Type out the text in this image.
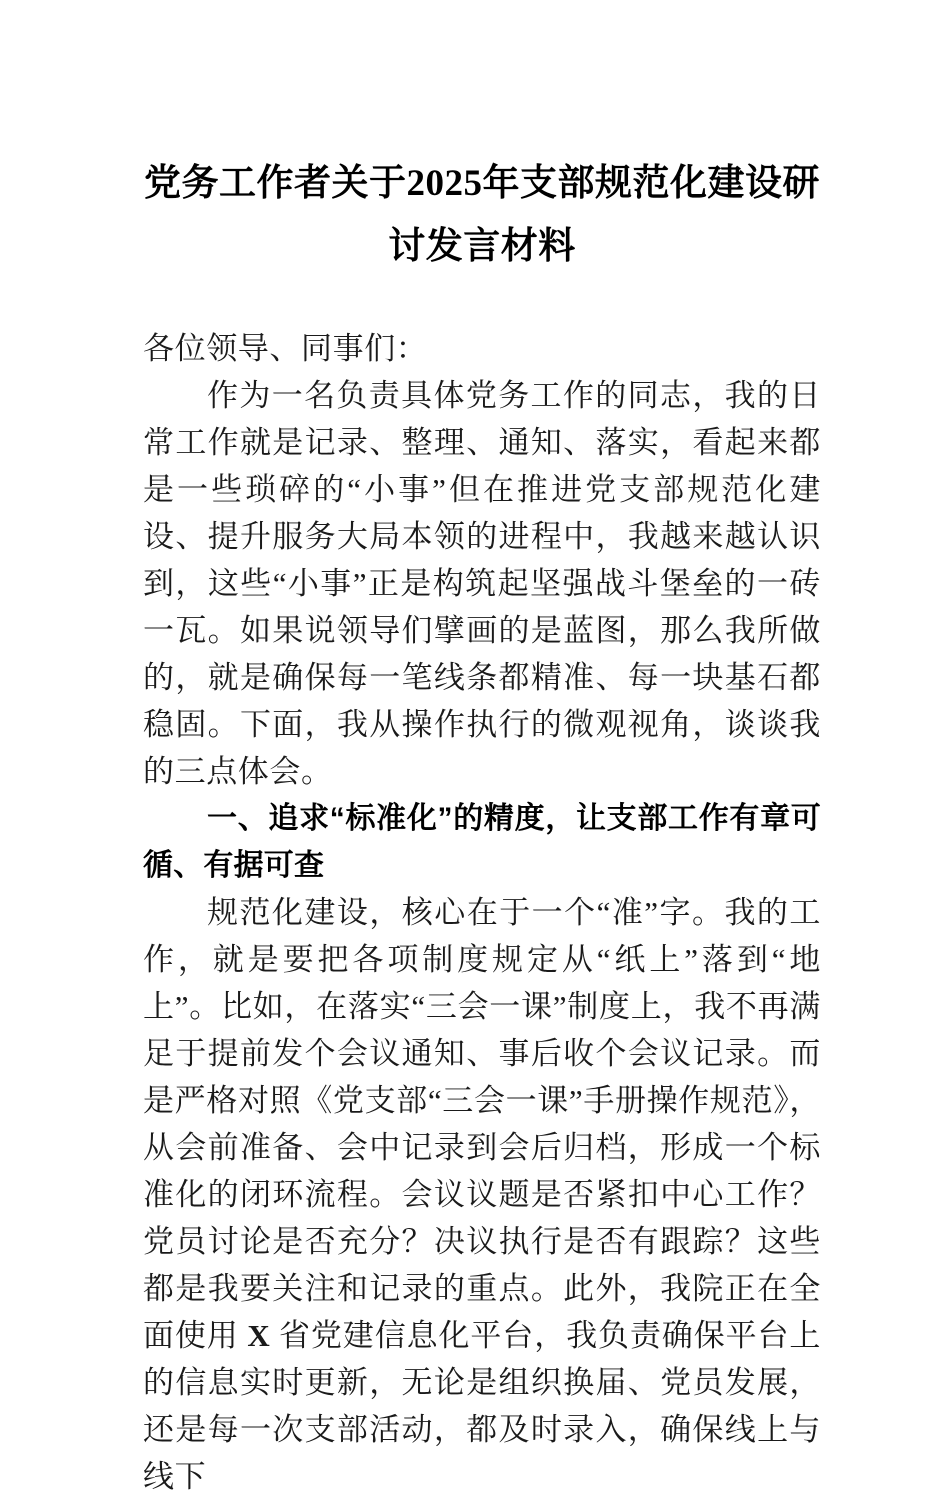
党务工作者关于2025年支部规范化建设研
讨发言材料

各位领导、同事们：

作为一名负责具体党务工作的同志，我的日常工作就是记录、整理、通知、落实，看起来都是一些琐碎的“小事”但在推进党支部规范化建设、提升服务大局本领的进程中，我越来越认识到，这些“小事”正是构筑起坚强战斗堡垒的一砖一瓦。如果说领导们擘画的是蓝图，那么我所做的，就是确保每一笔线条都精准、每一块基石都稳固。下面，我从操作执行的微观视角，谈谈我的三点体会。

一、追求“标准化”的精度，让支部工作有章可循、有据可查

规范化建设，核心在于一个“准”字。我的工作，就是要把各项制度规定从“纸上”落到“地上”。比如，在落实“三会一课”制度上，我不再满足于提前发个会议通知、事后收个会议记录。而是严格对照《党支部“三会一课”手册操作规范》，从会前准备、会中记录到会后归档，形成一个标准化的闭环流程。会议议题是否紧扣中心工作？党员讨论是否充分？决议执行是否有跟踪？这些都是我要关注和记录的重点。此外，我院正在全面使用 X 省党建信息化平台，我负责确保平台上的信息实时更新，无论是组织换届、党员发展，还是每一次支部活动，都及时录入，确保线上与线下
